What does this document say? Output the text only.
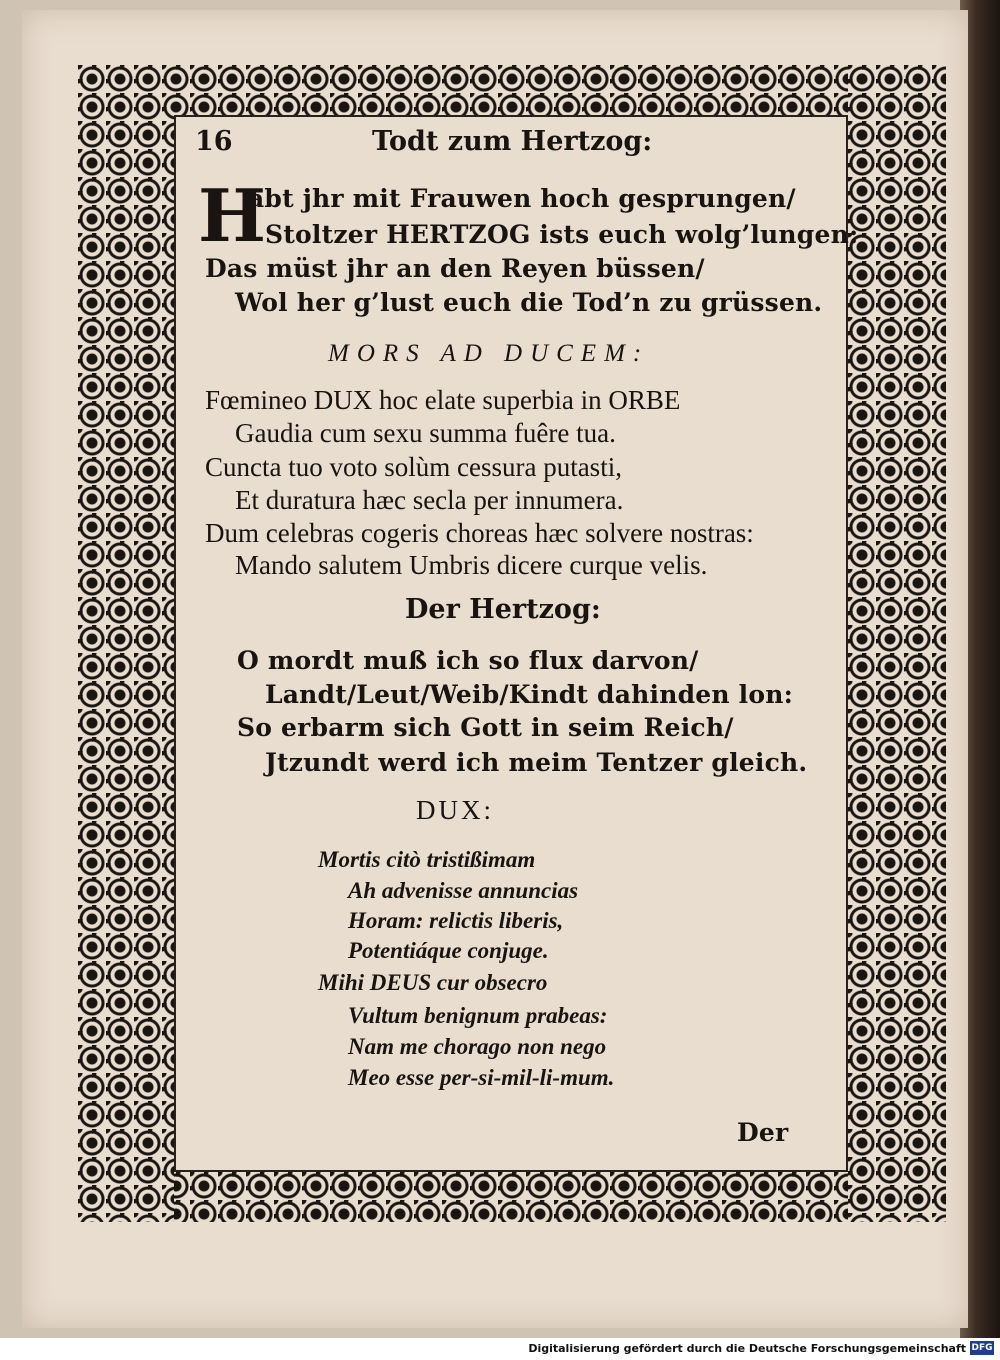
16	Todt zum Hertzog:
H
abt jhr mit Frauwen hoch gesprungen/
Stoltzer HERTZOG ists euch wolg’lungen:
Das müst jhr an den Reyen büssen/
Wol her g’lust euch die Tod’n zu grüssen.
MORS AD DUCEM:
Fœmineo DUX hoc elate superbia in ORBE
Gaudia cum sexu summa fuêre tua.
Cuncta tuo voto solùm cessura putasti,
Et duratura hæc secla per innumera.
Dum celebras cogeris choreas hæc solvere nostras:
Mando salutem Umbris dicere curque velis.
Der Hertzog:
O mordt muß ich so flux darvon/
Landt/Leut/Weib/Kindt dahinden lon:
So erbarm sich Gott in seim Reich/
Jtzundt werd ich meim Tentzer gleich.
DUX:
Mortis citò tristißimam
Ah advenisse annuncias
Horam: relictis liberis,
Potentiáque conjuge.
Mihi DEUS cur obsecro
Vultum benignum prabeas:
Nam me chorago non nego
Meo esse per-si-mil-li-mum.
Der
Digitalisierung gefördert durch die Deutsche Forschungsgemeinschaft DFG
